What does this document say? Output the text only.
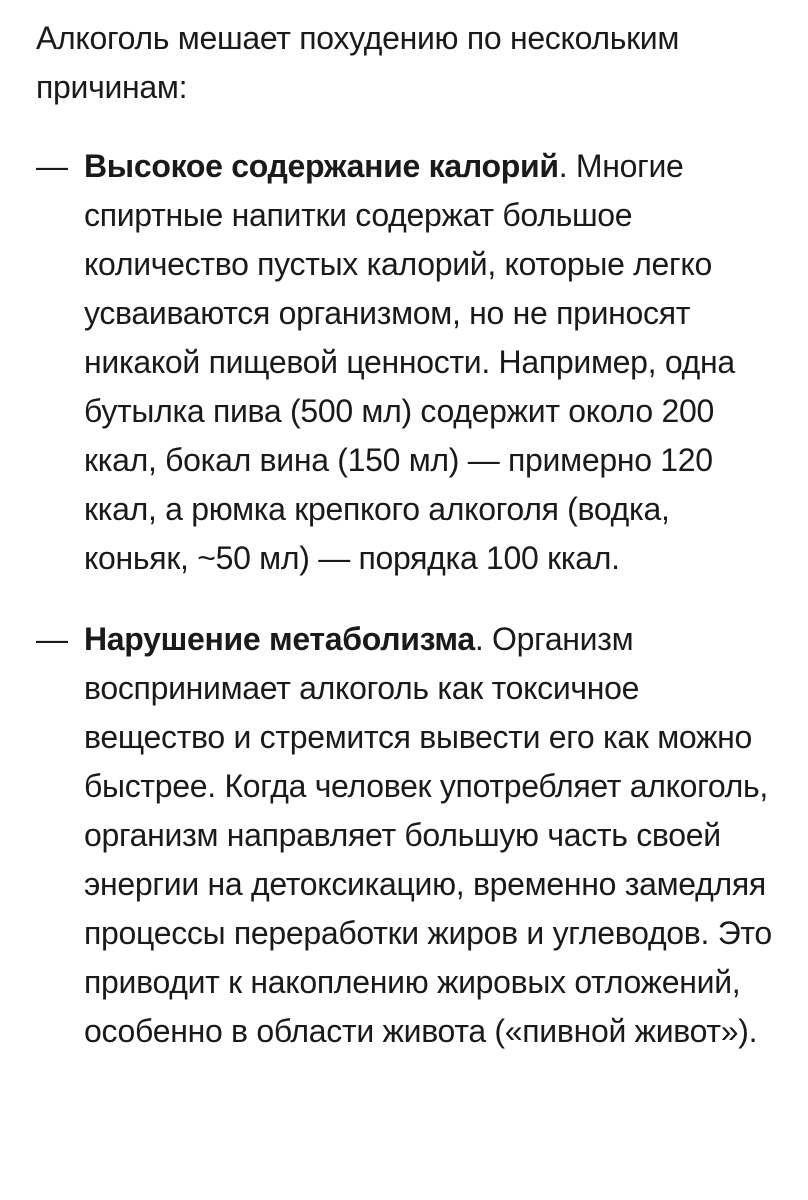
Алкоголь мешает похудению по нескольким причинам:

— Высокое содержание калорий. Многие спиртные напитки содержат большое количество пустых калорий, которые легко усваиваются организмом, но не приносят никакой пищевой ценности. Например, одна бутылка пива (500 мл) содержит около 200 ккал, бокал вина (150 мл) — примерно 120 ккал, а рюмка крепкого алкоголя (водка, коньяк, ~50 мл) — порядка 100 ккал.
— Нарушение метаболизма. Организм воспринимает алкоголь как токсичное вещество и стремится вывести его как можно быстрее. Когда человек употребляет алкоголь, организм направляет большую часть своей энергии на детоксикацию, временно замедляя процессы переработки жиров и углеводов. Это приводит к накоплению жировых отложений, особенно в области живота («пивной живот»).
